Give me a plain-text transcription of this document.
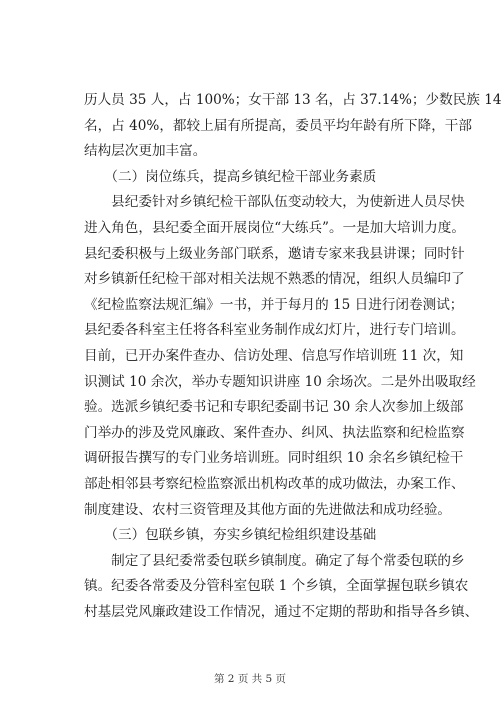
历人员 35 人，占 100%；女干部 13 名，占 37.14%；少数民族 14
名，占 40%，都较上届有所提高，委员平均年龄有所下降，干部
结构层次更加丰富。
　　（二）岗位练兵，提高乡镇纪检干部业务素质
　　县纪委针对乡镇纪检干部队伍变动较大，为使新进人员尽快
进入角色，县纪委全面开展岗位“大练兵”。一是加大培训力度。
县纪委积极与上级业务部门联系，邀请专家来我县讲课；同时针
对乡镇新任纪检干部对相关法规不熟悉的情况，组织人员编印了
《纪检监察法规汇编》一书，并于每月的 15 日进行闭卷测试；
县纪委各科室主任将各科室业务制作成幻灯片，进行专门培训。
目前，已开办案件查办、信访处理、信息写作培训班 11 次，知
识测试 10 余次，举办专题知识讲座 10 余场次。二是外出吸取经
验。选派乡镇纪委书记和专职纪委副书记 30 余人次参加上级部
门举办的涉及党风廉政、案件查办、纠风、执法监察和纪检监察
调研报告撰写的专门业务培训班。同时组织 10 余名乡镇纪检干
部赴相邻县考察纪检监察派出机构改革的成功做法，办案工作、
制度建设、农村三资管理及其他方面的先进做法和成功经验。
　　（三）包联乡镇，夯实乡镇纪检组织建设基础
　　制定了县纪委常委包联乡镇制度。确定了每个常委包联的乡
镇。纪委各常委及分管科室包联 1 个乡镇，全面掌握包联乡镇农
村基层党风廉政建设工作情况，通过不定期的帮助和指导各乡镇、
第 2 页 共 5 页
